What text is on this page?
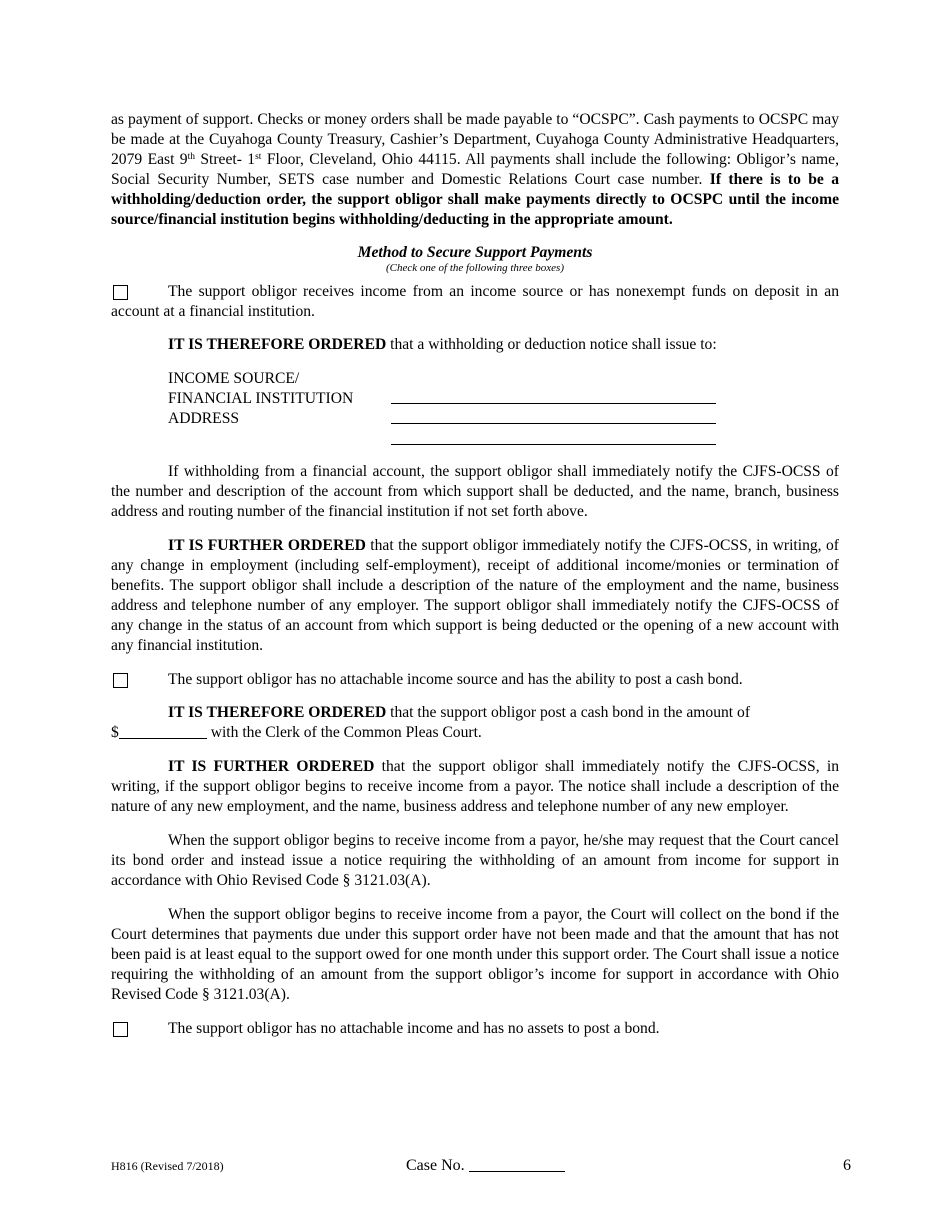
as payment of support. Checks or money orders shall be made payable to “OCSPC”. Cash payments to OCSPC may be made at the Cuyahoga County Treasury, Cashier’s Department, Cuyahoga County Administrative Headquarters, 2079 East 9th Street- 1st Floor, Cleveland, Ohio 44115. All payments shall include the following: Obligor’s name, Social Security Number, SETS case number and Domestic Relations Court case number. If there is to be a withholding/deduction order, the support obligor shall make payments directly to OCSPC until the income source/financial institution begins withholding/deducting in the appropriate amount.

Method to Secure Support Payments
(Check one of the following three boxes)

The support obligor receives income from an income source or has nonexempt funds on deposit in an account at a financial institution.

IT IS THEREFORE ORDERED that a withholding or deduction notice shall issue to:

INCOME SOURCE/
FINANCIAL INSTITUTION
ADDRESS

If withholding from a financial account, the support obligor shall immediately notify the CJFS-OCSS of the number and description of the account from which support shall be deducted, and the name, branch, business address and routing number of the financial institution if not set forth above.

IT IS FURTHER ORDERED that the support obligor immediately notify the CJFS-OCSS, in writing, of any change in employment (including self-employment), receipt of additional income/monies or termination of benefits. The support obligor shall include a description of the nature of the employment and the name, business address and telephone number of any employer. The support obligor shall immediately notify the CJFS-OCSS of any change in the status of an account from which support is being deducted or the opening of a new account with any financial institution.

The support obligor has no attachable income source and has the ability to post a cash bond.

IT IS THEREFORE ORDERED that the support obligor post a cash bond in the amount of

$	with the Clerk of the Common Pleas Court.

IT IS FURTHER ORDERED that the support obligor shall immediately notify the CJFS-OCSS, in writing, if the support obligor begins to receive income from a payor. The notice shall include a description of the nature of any new employment, and the name, business address and telephone number of any new employer.

When the support obligor begins to receive income from a payor, he/she may request that the Court cancel its bond order and instead issue a notice requiring the withholding of an amount from income for support in accordance with Ohio Revised Code § 3121.03(A).

When the support obligor begins to receive income from a payor, the Court will collect on the bond if the Court determines that payments due under this support order have not been made and that the amount that has not been paid is at least equal to the support owed for one month under this support order. The Court shall issue a notice requiring the withholding of an amount from the support obligor’s income for support in accordance with Ohio Revised Code § 3121.03(A).

The support obligor has no attachable income and has no assets to post a bond.
H816 (Revised 7/2018)	Case No.	6
